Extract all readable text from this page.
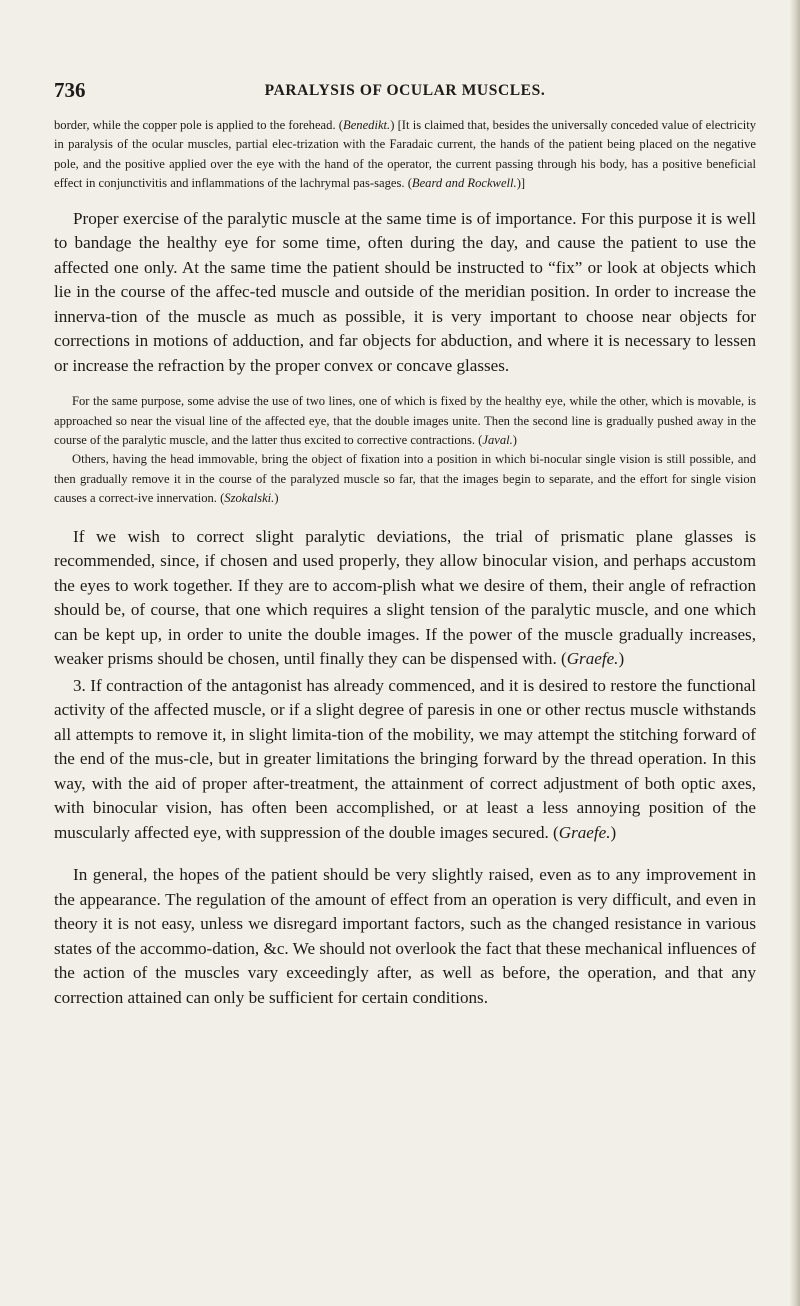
736	PARALYSIS OF OCULAR MUSCLES.

border, while the copper pole is applied to the forehead. (Benedikt.) [It is claimed that, besides the universally conceded value of electricity in paralysis of the ocular muscles, partial elec-trization with the Faradaic current, the hands of the patient being placed on the negative pole, and the positive applied over the eye with the hand of the operator, the current passing through his body, has a positive beneficial effect in conjunctivitis and inflammations of the lachrymal pas-sages. (Beard and Rockwell.)]

Proper exercise of the paralytic muscle at the same time is of importance. For this purpose it is well to bandage the healthy eye for some time, often during the day, and cause the patient to use the affected one only. At the same time the patient should be instructed to “fix” or look at objects which lie in the course of the affec-ted muscle and outside of the meridian position. In order to increase the innerva-tion of the muscle as much as possible, it is very important to choose near objects for corrections in motions of adduction, and far objects for abduction, and where it is necessary to lessen or increase the refraction by the proper convex or concave glasses.

For the same purpose, some advise the use of two lines, one of which is fixed by the healthy eye, while the other, which is movable, is approached so near the visual line of the affected eye, that the double images unite. Then the second line is gradually pushed away in the course of the paralytic muscle, and the latter thus excited to corrective contractions. (Javal.)

Others, having the head immovable, bring the object of fixation into a position in which bi-nocular single vision is still possible, and then gradually remove it in the course of the paralyzed muscle so far, that the images begin to separate, and the effort for single vision causes a correct-ive innervation. (Szokalski.)

If we wish to correct slight paralytic deviations, the trial of prismatic plane glasses is recommended, since, if chosen and used properly, they allow binocular vision, and perhaps accustom the eyes to work together. If they are to accom-plish what we desire of them, their angle of refraction should be, of course, that one which requires a slight tension of the paralytic muscle, and one which can be kept up, in order to unite the double images. If the power of the muscle gradually increases, weaker prisms should be chosen, until finally they can be dispensed with. (Graefe.)

3. If contraction of the antagonist has already commenced, and it is desired to restore the functional activity of the affected muscle, or if a slight degree of paresis in one or other rectus muscle withstands all attempts to remove it, in slight limita-tion of the mobility, we may attempt the stitching forward of the end of the mus-cle, but in greater limitations the bringing forward by the thread operation. In this way, with the aid of proper after-treatment, the attainment of correct adjustment of both optic axes, with binocular vision, has often been accomplished, or at least a less annoying position of the muscularly affected eye, with suppression of the double images secured. (Graefe.)

In general, the hopes of the patient should be very slightly raised, even as to any improvement in the appearance. The regulation of the amount of effect from an operation is very difficult, and even in theory it is not easy, unless we disregard important factors, such as the changed resistance in various states of the accommo-dation, &c. We should not overlook the fact that these mechanical influences of the action of the muscles vary exceedingly after, as well as before, the operation, and that any correction attained can only be sufficient for certain conditions.
